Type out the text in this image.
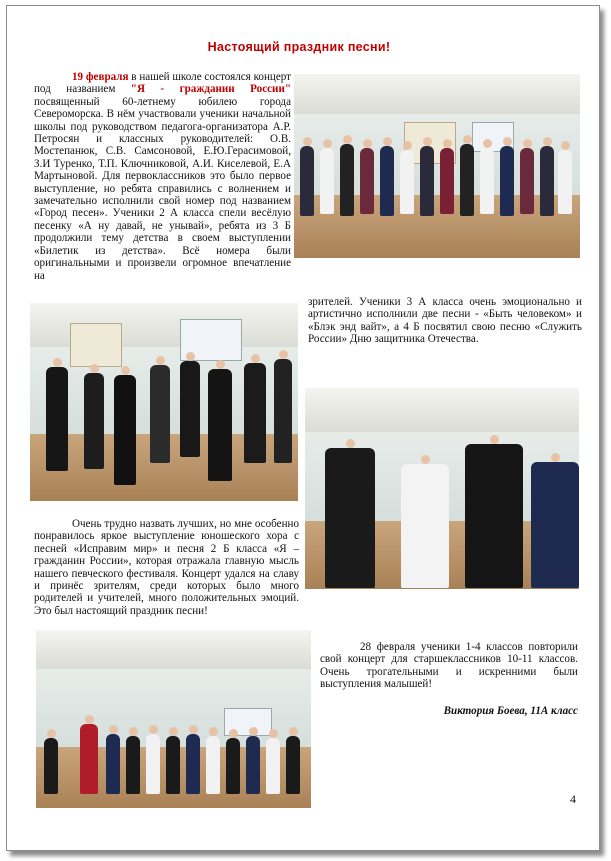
Настоящий праздник песни!

19 февраля в нашей школе состоялся концерт под названием "Я - гражданин России" посвященный 60-летнему юбилею города Североморска. В нём участвовали ученики начальной школы под руководством педагога-организатора А.Р. Петросян и классных руководителей: О.В. Мостепанюк, С.В. Самсоновой, Е.Ю.Герасимовой, З.И Туренко, Т.П. Ключниковой, А.И. Киселевой, Е.А Мартыновой. Для первоклассников это было первое выступление, но ребята справились с волнением и замечательно исполнили свой номер под названием «Город песен». Учeники 2 А класса спели весёлую песенку «А ну давай, не унывай», ребята из 3 Б продолжили тему детства в своем выступлении «Билетик из детства». Всё номера были оригинальными и произвели огромное впечатление на

зрителей. Ученики 3 А класса очень эмоционально и артистично исполнили две песни - «Быть человеком» и «Блэк энд вайт», а 4 Б посвятил свою песню «Служить России» Дню защитника Отечества.

Очень трудно назвать лучших, но мне особенно понравилось яркое выступление юношеского хора с песней «Исправим мир» и песня 2 Б класса «Я – гражданин России», которая отражала главную мысль нашего певческого фестиваля. Концерт удался на славу и принёс зрителям, среди которых было много родителей и учителей, много положительных эмоций. Это был настоящий праздник песни!

28 февраля ученики 1-4 классов повторили свой концерт для старшеклассников 10-11 классов. Очень трогательными и искренними были выступления малышей!

Виктория Боева, 11А класс

4
